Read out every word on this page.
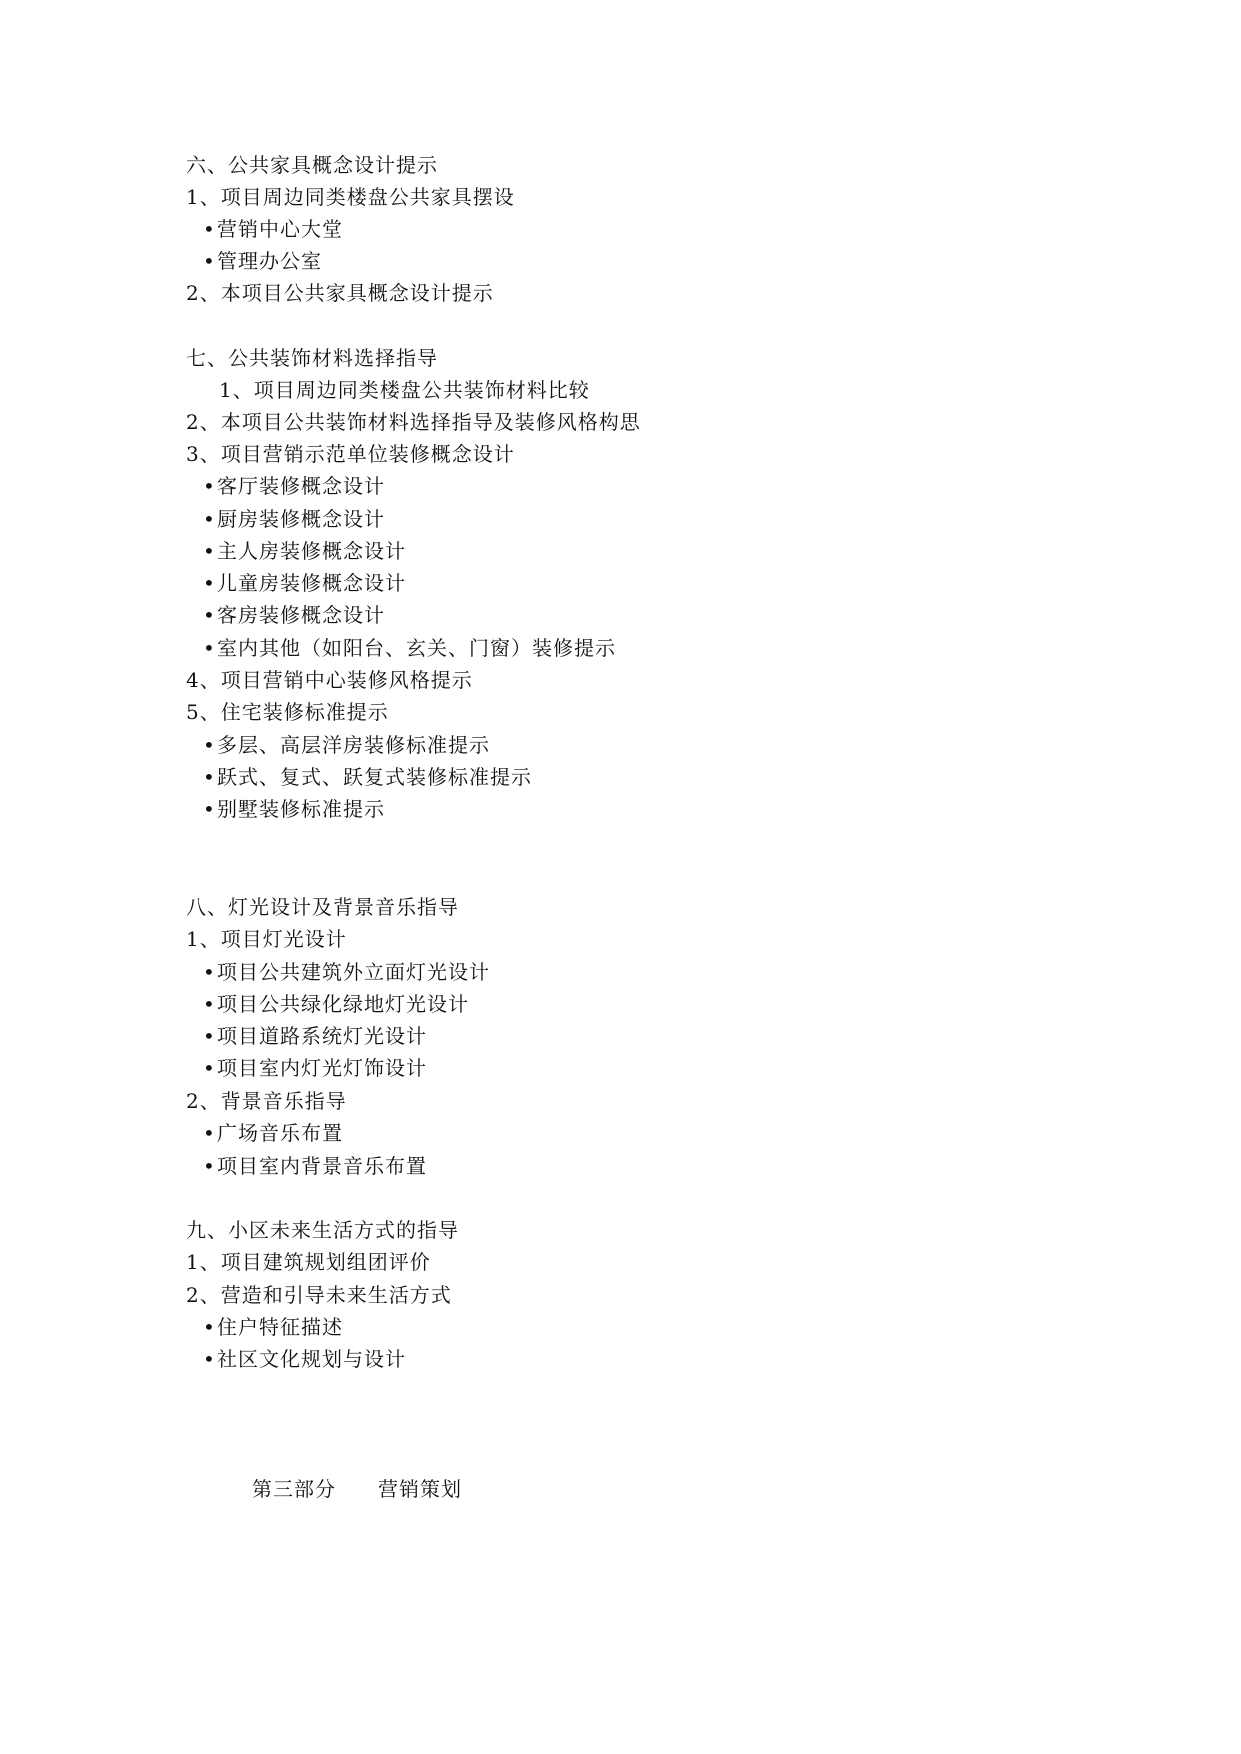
六、公共家具概念设计提示
1、项目周边同类楼盘公共家具摆设
•营销中心大堂
•管理办公室
2、本项目公共家具概念设计提示
七、公共装饰材料选择指导
1、项目周边同类楼盘公共装饰材料比较
2、本项目公共装饰材料选择指导及装修风格构思
3、项目营销示范单位装修概念设计
•客厅装修概念设计
•厨房装修概念设计
•主人房装修概念设计
•儿童房装修概念设计
•客房装修概念设计
•室内其他（如阳台、玄关、门窗）装修提示
4、项目营销中心装修风格提示
5、住宅装修标准提示
•多层、高层洋房装修标准提示
•跃式、复式、跃复式装修标准提示
•别墅装修标准提示
八、灯光设计及背景音乐指导
1、项目灯光设计
•项目公共建筑外立面灯光设计
•项目公共绿化绿地灯光设计
•项目道路系统灯光设计
•项目室内灯光灯饰设计
2、背景音乐指导
•广场音乐布置
•项目室内背景音乐布置
九、小区未来生活方式的指导
1、项目建筑规划组团评价
2、营造和引导未来生活方式
•住户特征描述
•社区文化规划与设计
第三部分 营销策划
